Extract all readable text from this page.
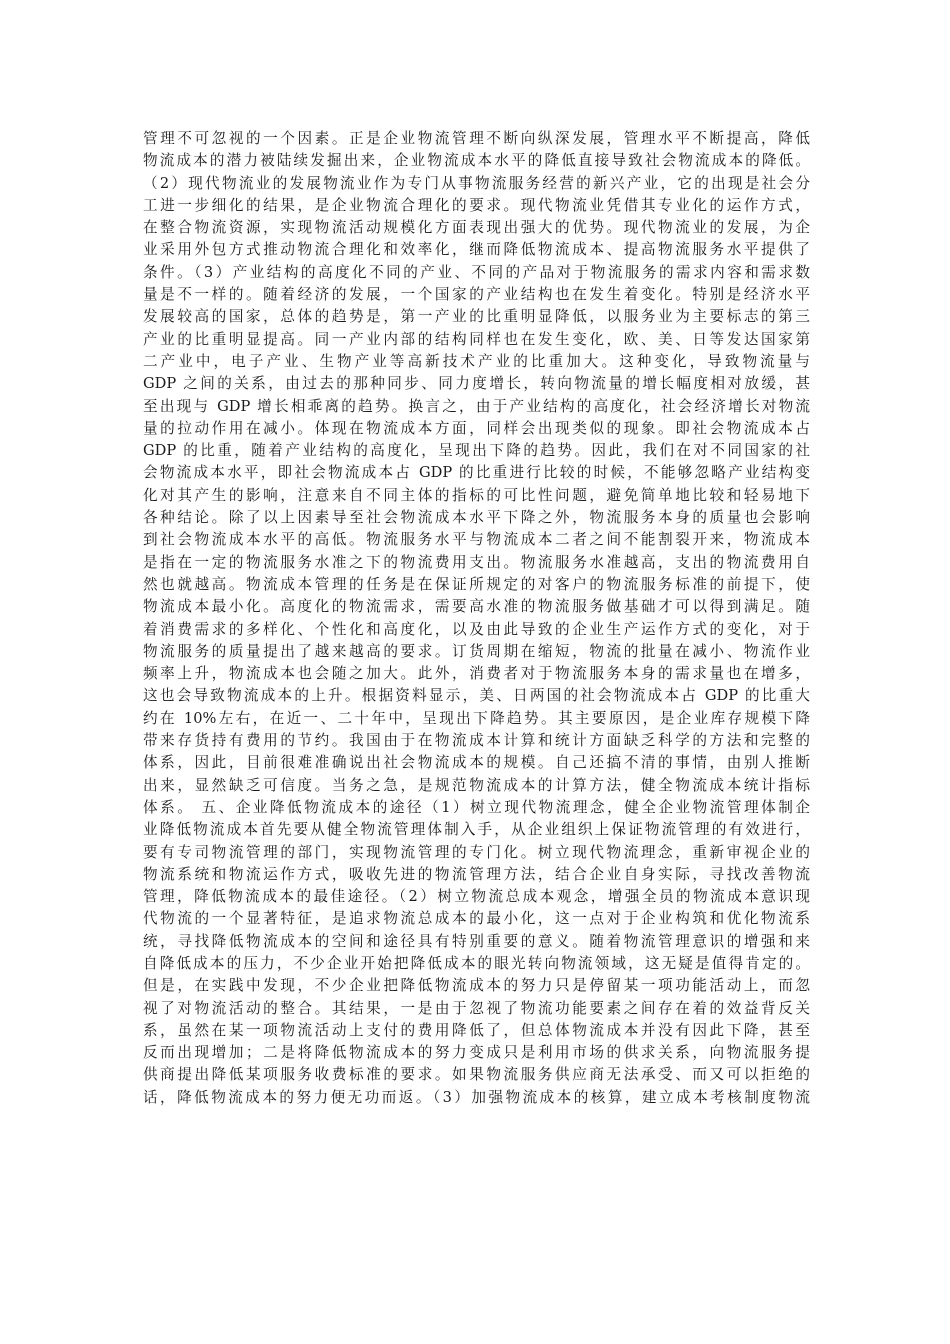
管理不可忽视的一个因素。正是企业物流管理不断向纵深发展，管理水平不断提高，降低
物流成本的潜力被陆续发掘出来，企业物流成本水平的降低直接导致社会物流成本的降低。
（2）现代物流业的发展物流业作为专门从事物流服务经营的新兴产业，它的出现是社会分
工进一步细化的结果，是企业物流合理化的要求。现代物流业凭借其专业化的运作方式，
在整合物流资源，实现物流活动规模化方面表现出强大的优势。现代物流业的发展，为企
业采用外包方式推动物流合理化和效率化，继而降低物流成本、提高物流服务水平提供了
条件。（3）产业结构的高度化不同的产业、不同的产品对于物流服务的需求内容和需求数
量是不一样的。随着经济的发展，一个国家的产业结构也在发生着变化。特别是经济水平
发展较高的国家，总体的趋势是，第一产业的比重明显降低，以服务业为主要标志的第三
产业的比重明显提高。同一产业内部的结构同样也在发生变化，欧、美、日等发达国家第
二产业中，电子产业、生物产业等高新技术产业的比重加大。这种变化，导致物流量与
GDP 之间的关系，由过去的那种同步、同力度增长，转向物流量的增长幅度相对放缓，甚
至出现与 GDP 增长相乖离的趋势。换言之，由于产业结构的高度化，社会经济增长对物流
量的拉动作用在减小。体现在物流成本方面，同样会出现类似的现象。即社会物流成本占
GDP 的比重，随着产业结构的高度化，呈现出下降的趋势。因此，我们在对不同国家的社
会物流成本水平，即社会物流成本占 GDP 的比重进行比较的时候，不能够忽略产业结构变
化对其产生的影响，注意来自不同主体的指标的可比性问题，避免简单地比较和轻易地下
各种结论。除了以上因素导至社会物流成本水平下降之外，物流服务本身的质量也会影响
到社会物流成本水平的高低。物流服务水平与物流成本二者之间不能割裂开来，物流成本
是指在一定的物流服务水准之下的物流费用支出。物流服务水准越高，支出的物流费用自
然也就越高。物流成本管理的任务是在保证所规定的对客户的物流服务标准的前提下，使
物流成本最小化。高度化的物流需求，需要高水准的物流服务做基础才可以得到满足。随
着消费需求的多样化、个性化和高度化，以及由此导致的企业生产运作方式的变化，对于
物流服务的质量提出了越来越高的要求。订货周期在缩短，物流的批量在减小、物流作业
频率上升，物流成本也会随之加大。此外，消费者对于物流服务本身的需求量也在增多，
这也会导致物流成本的上升。根据资料显示，美、日两国的社会物流成本占 GDP 的比重大
约在 10%左右，在近一、二十年中，呈现出下降趋势。其主要原因，是企业库存规模下降
带来存货持有费用的节约。我国由于在物流成本计算和统计方面缺乏科学的方法和完整的
体系，因此，目前很难准确说出社会物流成本的规模。自己还搞不清的事情，由别人推断
出来，显然缺乏可信度。当务之急，是规范物流成本的计算方法，健全物流成本统计指标
体系。 五、企业降低物流成本的途径（1）树立现代物流理念，健全企业物流管理体制企
业降低物流成本首先要从健全物流管理体制入手，从企业组织上保证物流管理的有效进行，
要有专司物流管理的部门，实现物流管理的专门化。树立现代物流理念，重新审视企业的
物流系统和物流运作方式，吸收先进的物流管理方法，结合企业自身实际，寻找改善物流
管理，降低物流成本的最佳途径。（2）树立物流总成本观念，增强全员的物流成本意识现
代物流的一个显著特征，是追求物流总成本的最小化，这一点对于企业构筑和优化物流系
统，寻找降低物流成本的空间和途径具有特别重要的意义。随着物流管理意识的增强和来
自降低成本的压力，不少企业开始把降低成本的眼光转向物流领域，这无疑是值得肯定的。
但是，在实践中发现，不少企业把降低物流成本的努力只是停留某一项功能活动上，而忽
视了对物流活动的整合。其结果，一是由于忽视了物流功能要素之间存在着的效益背反关
系，虽然在某一项物流活动上支付的费用降低了，但总体物流成本并没有因此下降，甚至
反而出现增加；二是将降低物流成本的努力变成只是利用市场的供求关系，向物流服务提
供商提出降低某项服务收费标准的要求。如果物流服务供应商无法承受、而又可以拒绝的
话，降低物流成本的努力便无功而返。（3）加强物流成本的核算，建立成本考核制度物流
